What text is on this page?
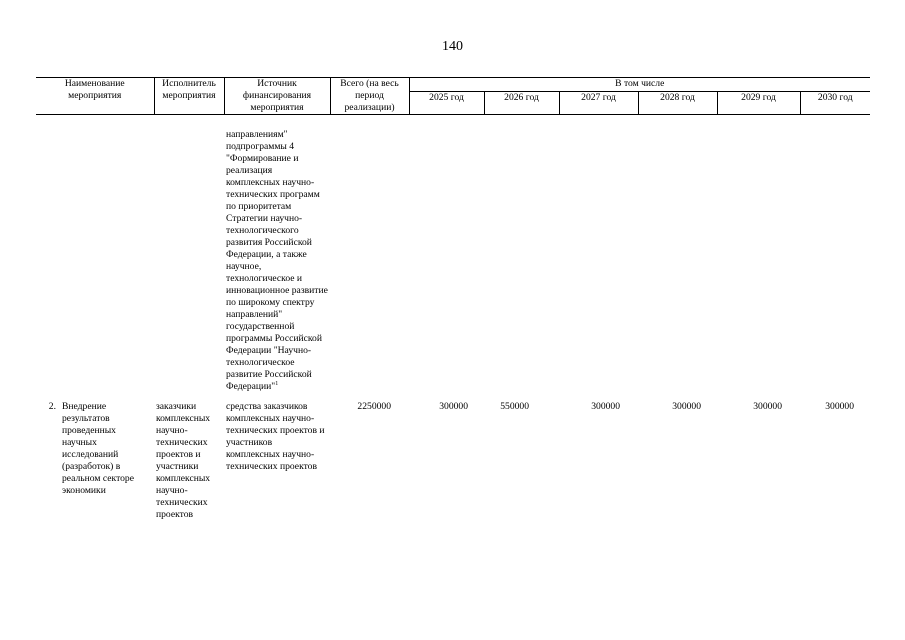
140
Наименование мероприятия	Исполнитель мероприятия	Источник финансирования мероприятия	Всего (на весь период реализации)	В том числе					
				2025 год	2026 год	2027 год	2028 год	2029 год	2030 год

		направлениям" подпрограммы 4 "Формирование и реализация комплексных научно-технических программ по приоритетам Стратегии научно-технологического развития Российской Федерации, а также научное, технологическое и инновационное развитие по широкому спектру направлений" государственной программы Российской Федерации "Научно-технологическое развитие Российской Федерации"$^1$							

2. Внедрение результатов проведенных научных исследований (разработок) в реальном секторе экономики	заказчики комплексных научно-технических проектов и участники комплексных научно-технических проектов	средства заказчиков комплексных научно-технических проектов и участников комплексных научно-технических проектов	2250000	300000	550000	300000	300000	300000	300000
